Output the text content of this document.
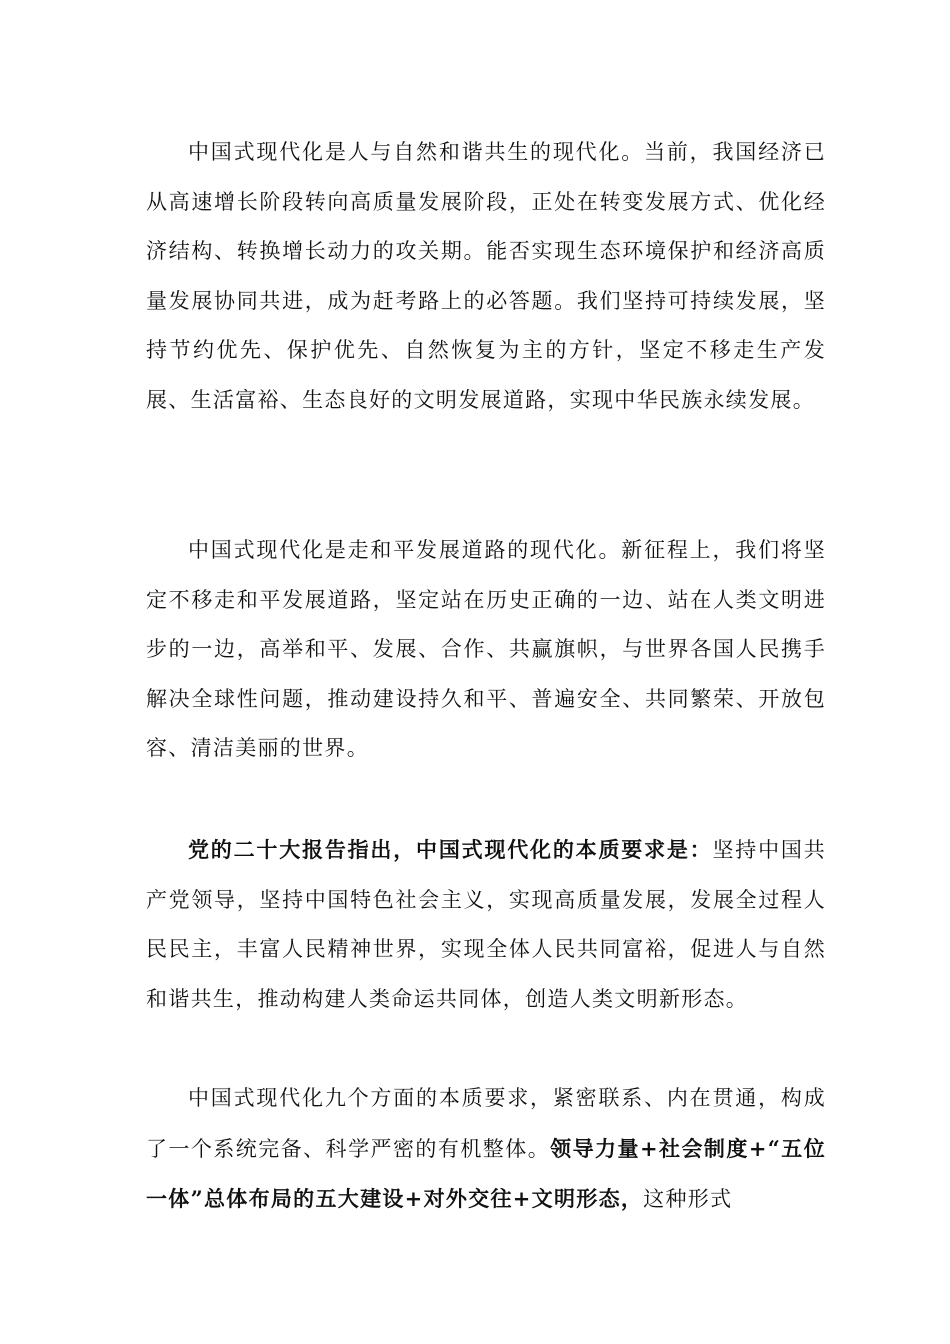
中国式现代化是人与自然和谐共生的现代化。当前，我国经济已从高速增长阶段转向高质量发展阶段，正处在转变发展方式、优化经济结构、转换增长动力的攻关期。能否实现生态环境保护和经济高质量发展协同共进，成为赶考路上的必答题。我们坚持可持续发展，坚持节约优先、保护优先、自然恢复为主的方针，坚定不移走生产发展、生活富裕、生态良好的文明发展道路，实现中华民族永续发展。

中国式现代化是走和平发展道路的现代化。新征程上，我们将坚定不移走和平发展道路，坚定站在历史正确的一边、站在人类文明进步的一边，高举和平、发展、合作、共赢旗帜，与世界各国人民携手解决全球性问题，推动建设持久和平、普遍安全、共同繁荣、开放包容、清洁美丽的世界。

党的二十大报告指出，中国式现代化的本质要求是：坚持中国共产党领导，坚持中国特色社会主义，实现高质量发展，发展全过程人民民主，丰富人民精神世界，实现全体人民共同富裕，促进人与自然和谐共生，推动构建人类命运共同体，创造人类文明新形态。

中国式现代化九个方面的本质要求，紧密联系、内在贯通，构成了一个系统完备、科学严密的有机整体。领导力量+社会制度+“五位一体”总体布局的五大建设+对外交往+文明形态，这种形式
